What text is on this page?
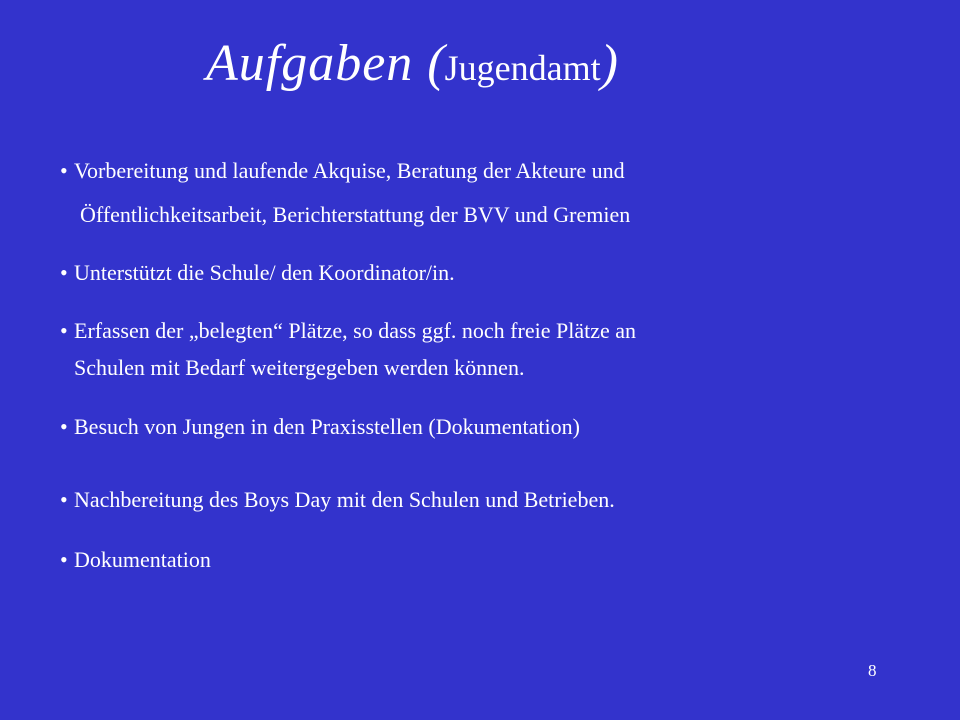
Aufgaben (Jugendamt)
• Vorbereitung und laufende Akquise, Beratung der Akteure und
Öffentlichkeitsarbeit, Berichterstattung der BVV und Gremien
• Unterstützt die Schule/ den Koordinator/in.
• Erfassen der „belegten“ Plätze, so dass ggf. noch freie Plätze an
Schulen mit Bedarf weitergegeben werden können.
• Besuch von Jungen in den Praxisstellen (Dokumentation)
• Nachbereitung des Boys Day mit den Schulen und Betrieben.
• Dokumentation
8
